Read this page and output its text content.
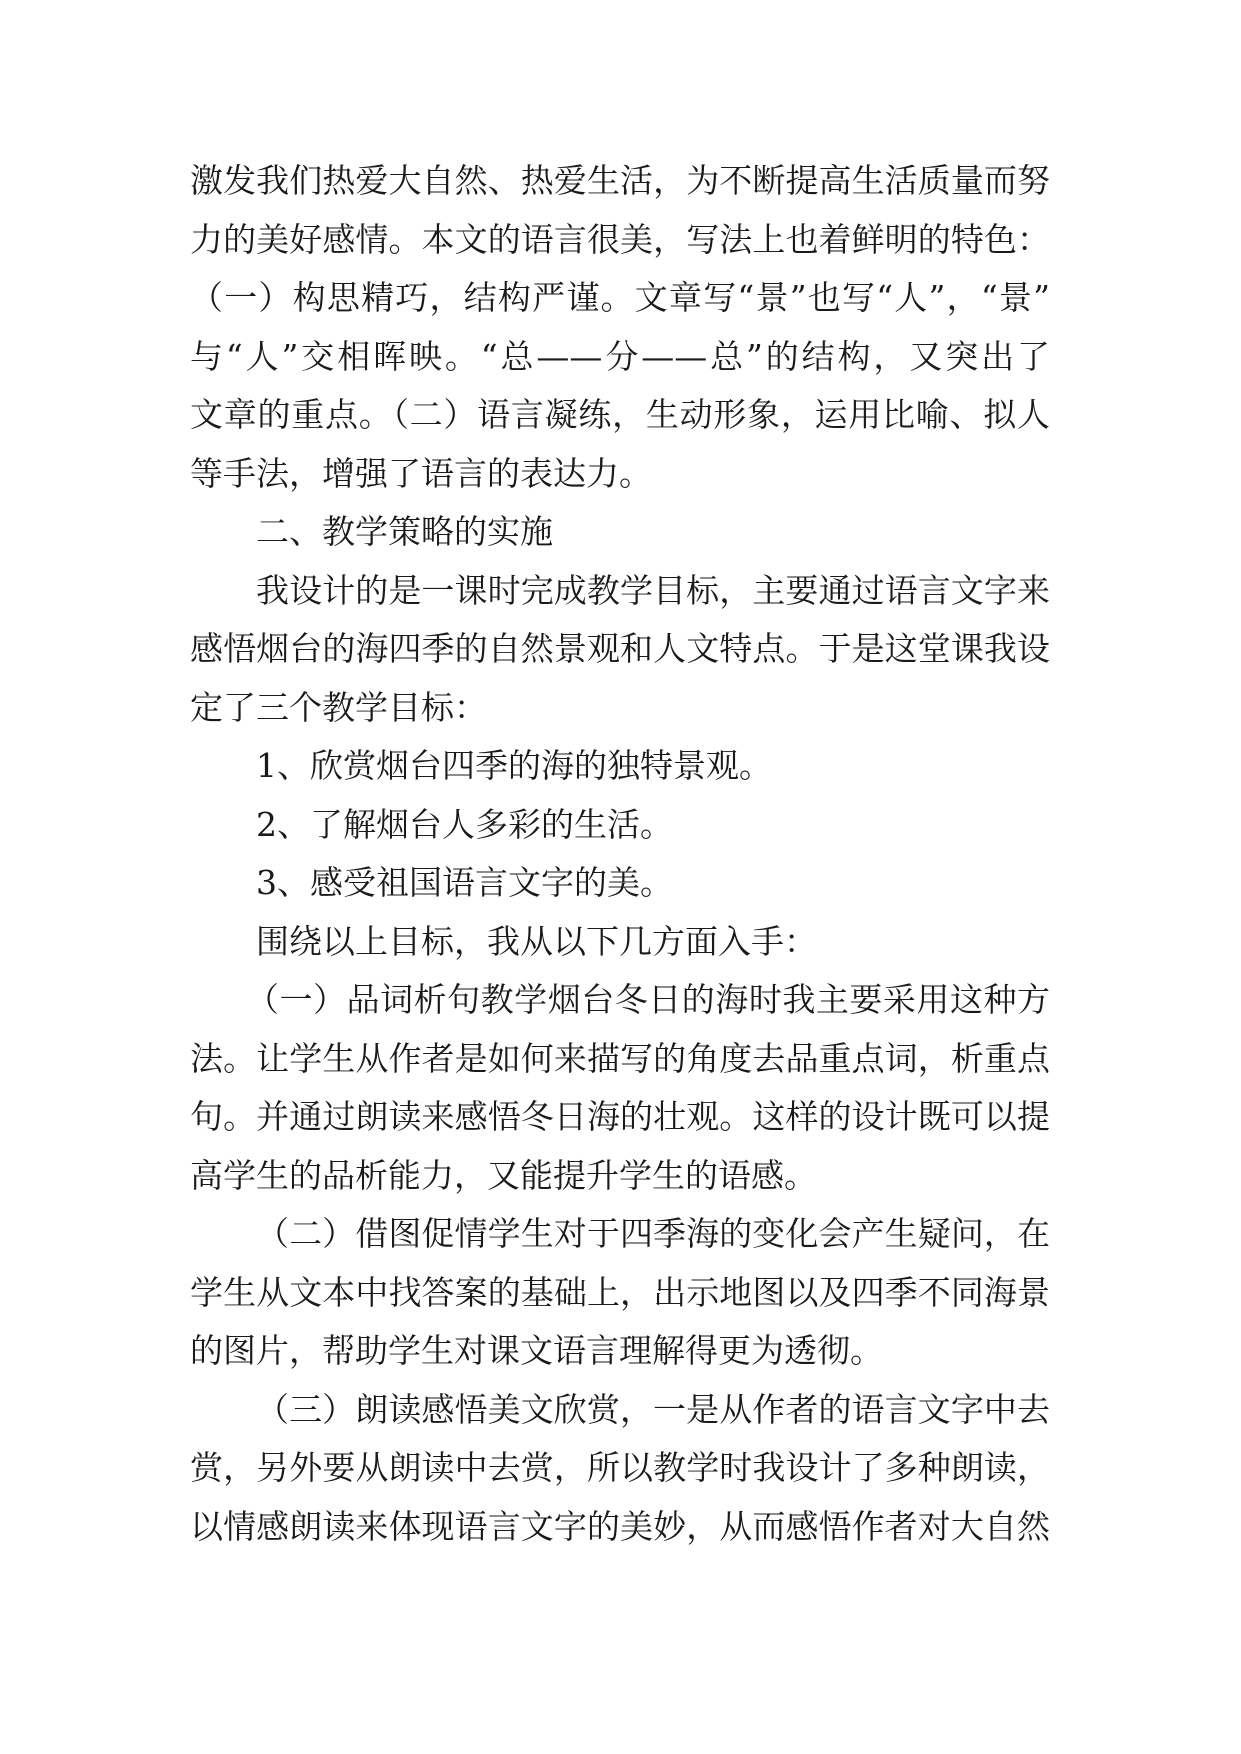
激发我们热爱大自然、热爱生活，为不断提高生活质量而努
力的美好感情。本文的语言很美，写法上也着鲜明的特色：
（一）构思精巧，结构严谨。文章写“景”也写“人”，“景”
与“人”交相晖映。“总——分——总”的结构，又突出了
文章的重点。（二）语言凝练，生动形象，运用比喻、拟人
等手法，增强了语言的表达力。
二、教学策略的实施
我设计的是一课时完成教学目标，主要通过语言文字来
感悟烟台的海四季的自然景观和人文特点。于是这堂课我设
定了三个教学目标：
1、欣赏烟台四季的海的独特景观。
2、了解烟台人多彩的生活。
3、感受祖国语言文字的美。
围绕以上目标，我从以下几方面入手：
（一）品词析句教学烟台冬日的海时我主要采用这种方
法。让学生从作者是如何来描写的角度去品重点词，析重点
句。并通过朗读来感悟冬日海的壮观。这样的设计既可以提
高学生的品析能力，又能提升学生的语感。
（二）借图促情学生对于四季海的变化会产生疑问，在
学生从文本中找答案的基础上，出示地图以及四季不同海景
的图片，帮助学生对课文语言理解得更为透彻。
（三）朗读感悟美文欣赏，一是从作者的语言文字中去
赏，另外要从朗读中去赏，所以教学时我设计了多种朗读，
以情感朗读来体现语言文字的美妙，从而感悟作者对大自然
